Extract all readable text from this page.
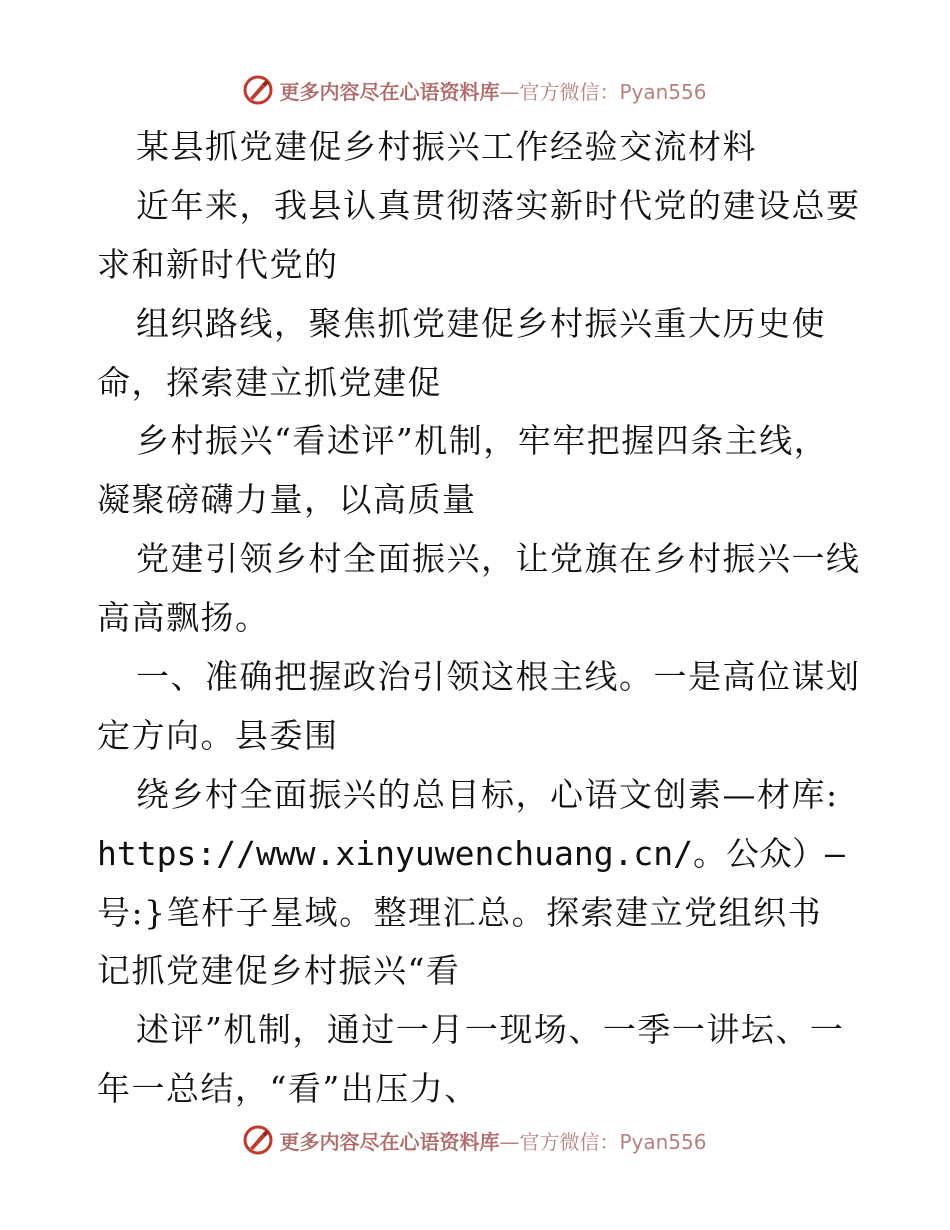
更多内容尽在心语资料库—官方微信：Pyan556
某县抓党建促乡村振兴工作经验交流材料
近年来，我县认真贯彻落实新时代党的建设总要
求和新时代党的
组织路线，聚焦抓党建促乡村振兴重大历史使
命，探索建立抓党建促
乡村振兴“看述评”机制，牢牢把握四条主线，
凝聚磅礴力量，以高质量
党建引领乡村全面振兴，让党旗在乡村振兴一线
高高飘扬。
一、准确把握政治引领这根主线。一是高位谋划
定方向。县委围
绕乡村全面振兴的总目标，心语文创素—材库:
https://www.xinyuwenchuang.cn/。公众）—
号:}笔杆子星域。整理汇总。探索建立党组织书
记抓党建促乡村振兴“看
述评”机制，通过一月一现场、一季一讲坛、一
年一总结，“看”出压力、
更多内容尽在心语资料库—官方微信：Pyan556
